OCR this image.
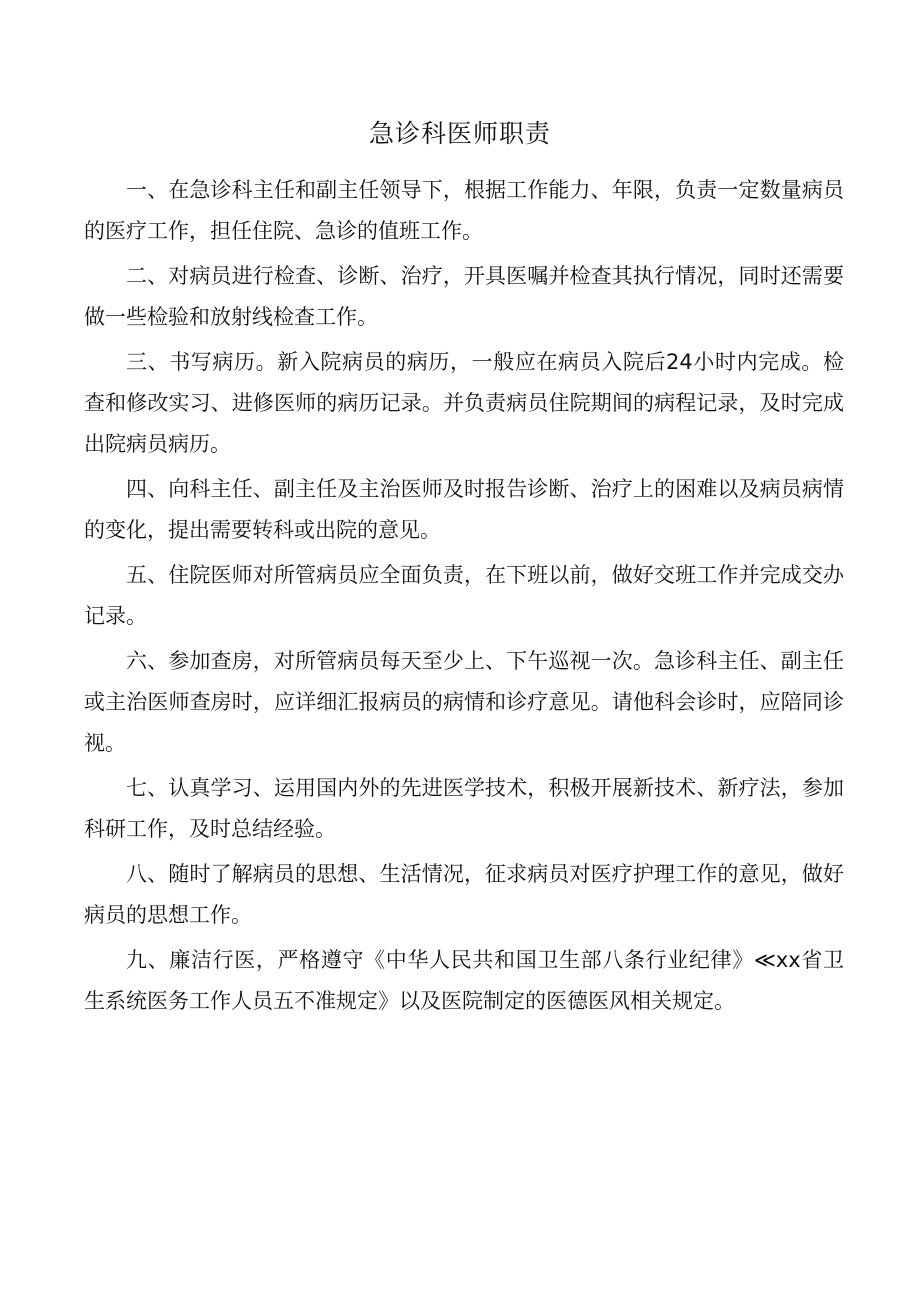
急诊科医师职责

一、在急诊科主任和副主任领导下，根据工作能力、年限，负责一定数量病员的医疗工作，担任住院、急诊的值班工作。

二、对病员进行检查、诊断、治疗，开具医嘱并检查其执行情况，同时还需要做一些检验和放射线检查工作。

三、书写病历。新入院病员的病历，一般应在病员入院后24小时内完成。检查和修改实习、进修医师的病历记录。并负责病员住院期间的病程记录，及时完成出院病员病历。

四、向科主任、副主任及主治医师及时报告诊断、治疗上的困难以及病员病情的变化，提出需要转科或出院的意见。

五、住院医师对所管病员应全面负责，在下班以前，做好交班工作并完成交办记录。

六、参加查房，对所管病员每天至少上、下午巡视一次。急诊科主任、副主任或主治医师查房时，应详细汇报病员的病情和诊疗意见。请他科会诊时，应陪同诊视。

七、认真学习、运用国内外的先进医学技术，积极开展新技术、新疗法，参加科研工作，及时总结经验。

八、随时了解病员的思想、生活情况，征求病员对医疗护理工作的意见，做好病员的思想工作。

九、廉洁行医，严格遵守《中华人民共和国卫生部八条行业纪律》≪xx省卫生系统医务工作人员五不准规定》以及医院制定的医德医风相关规定。
